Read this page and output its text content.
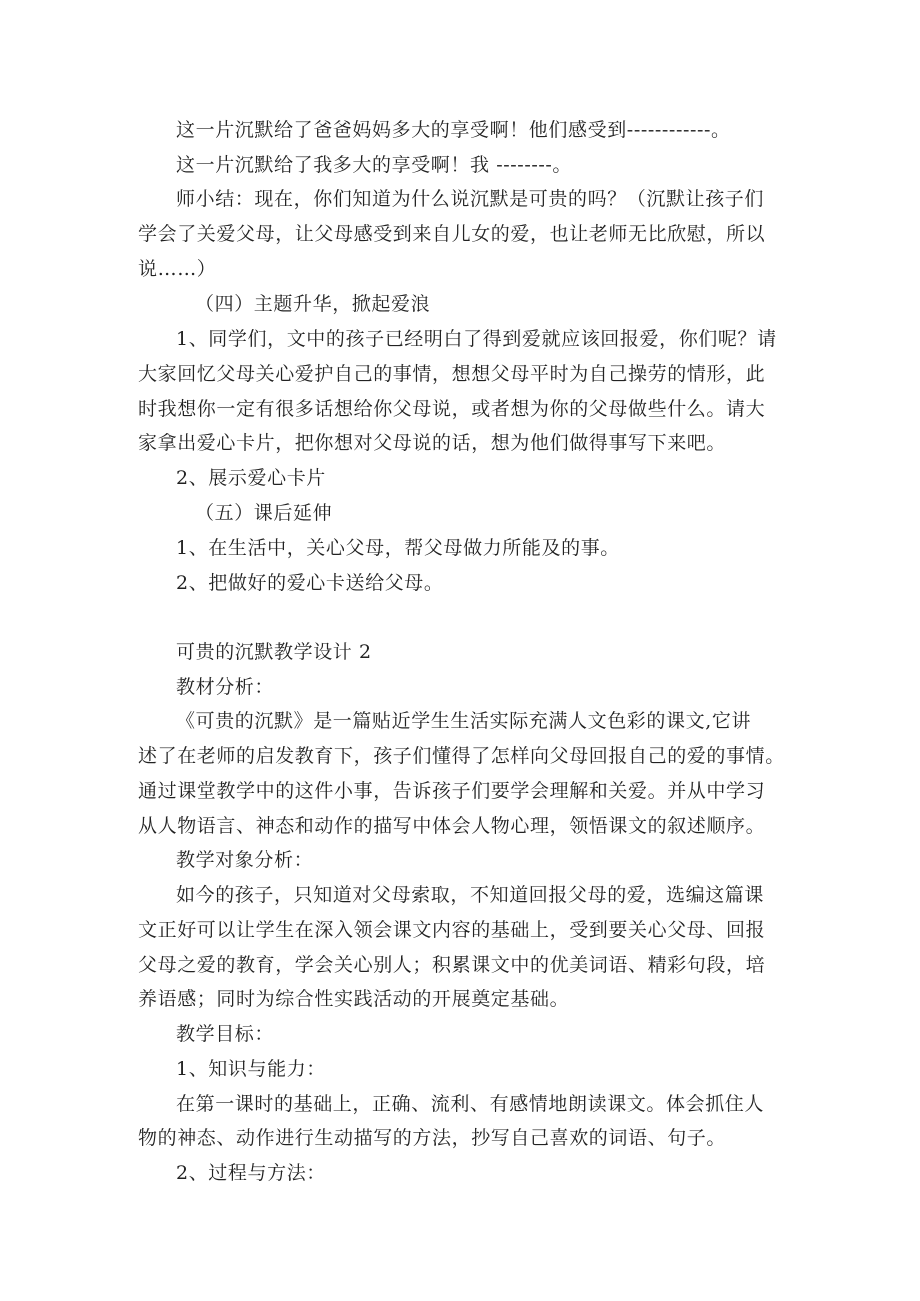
这一片沉默给了爸爸妈妈多大的享受啊！他们感受到------------。
这一片沉默给了我多大的享受啊！我 --------。
师小结：现在，你们知道为什么说沉默是可贵的吗？（沉默让孩子们
学会了关爱父母，让父母感受到来自儿女的爱，也让老师无比欣慰，所以
说……）
（四）主题升华，掀起爱浪
1、同学们，文中的孩子已经明白了得到爱就应该回报爱，你们呢？请
大家回忆父母关心爱护自己的事情，想想父母平时为自己操劳的情形，此
时我想你一定有很多话想给你父母说，或者想为你的父母做些什么。请大
家拿出爱心卡片，把你想对父母说的话，想为他们做得事写下来吧。
2、展示爱心卡片
（五）课后延伸
1、在生活中，关心父母，帮父母做力所能及的事。
2、把做好的爱心卡送给父母。
可贵的沉默教学设计 2
教材分析：
《可贵的沉默》是一篇贴近学生生活实际充满人文色彩的课文,它讲
述了在老师的启发教育下，孩子们懂得了怎样向父母回报自己的爱的事情。
通过课堂教学中的这件小事，告诉孩子们要学会理解和关爱。并从中学习
从人物语言、神态和动作的描写中体会人物心理，领悟课文的叙述顺序。
教学对象分析：
如今的孩子，只知道对父母索取，不知道回报父母的爱，选编这篇课
文正好可以让学生在深入领会课文内容的基础上，受到要关心父母、回报
父母之爱的教育，学会关心别人；积累课文中的优美词语、精彩句段，培
养语感；同时为综合性实践活动的开展奠定基础。
教学目标：
1、知识与能力：
在第一课时的基础上，正确、流利、有感情地朗读课文。体会抓住人
物的神态、动作进行生动描写的方法，抄写自己喜欢的词语、句子。
2、过程与方法：
